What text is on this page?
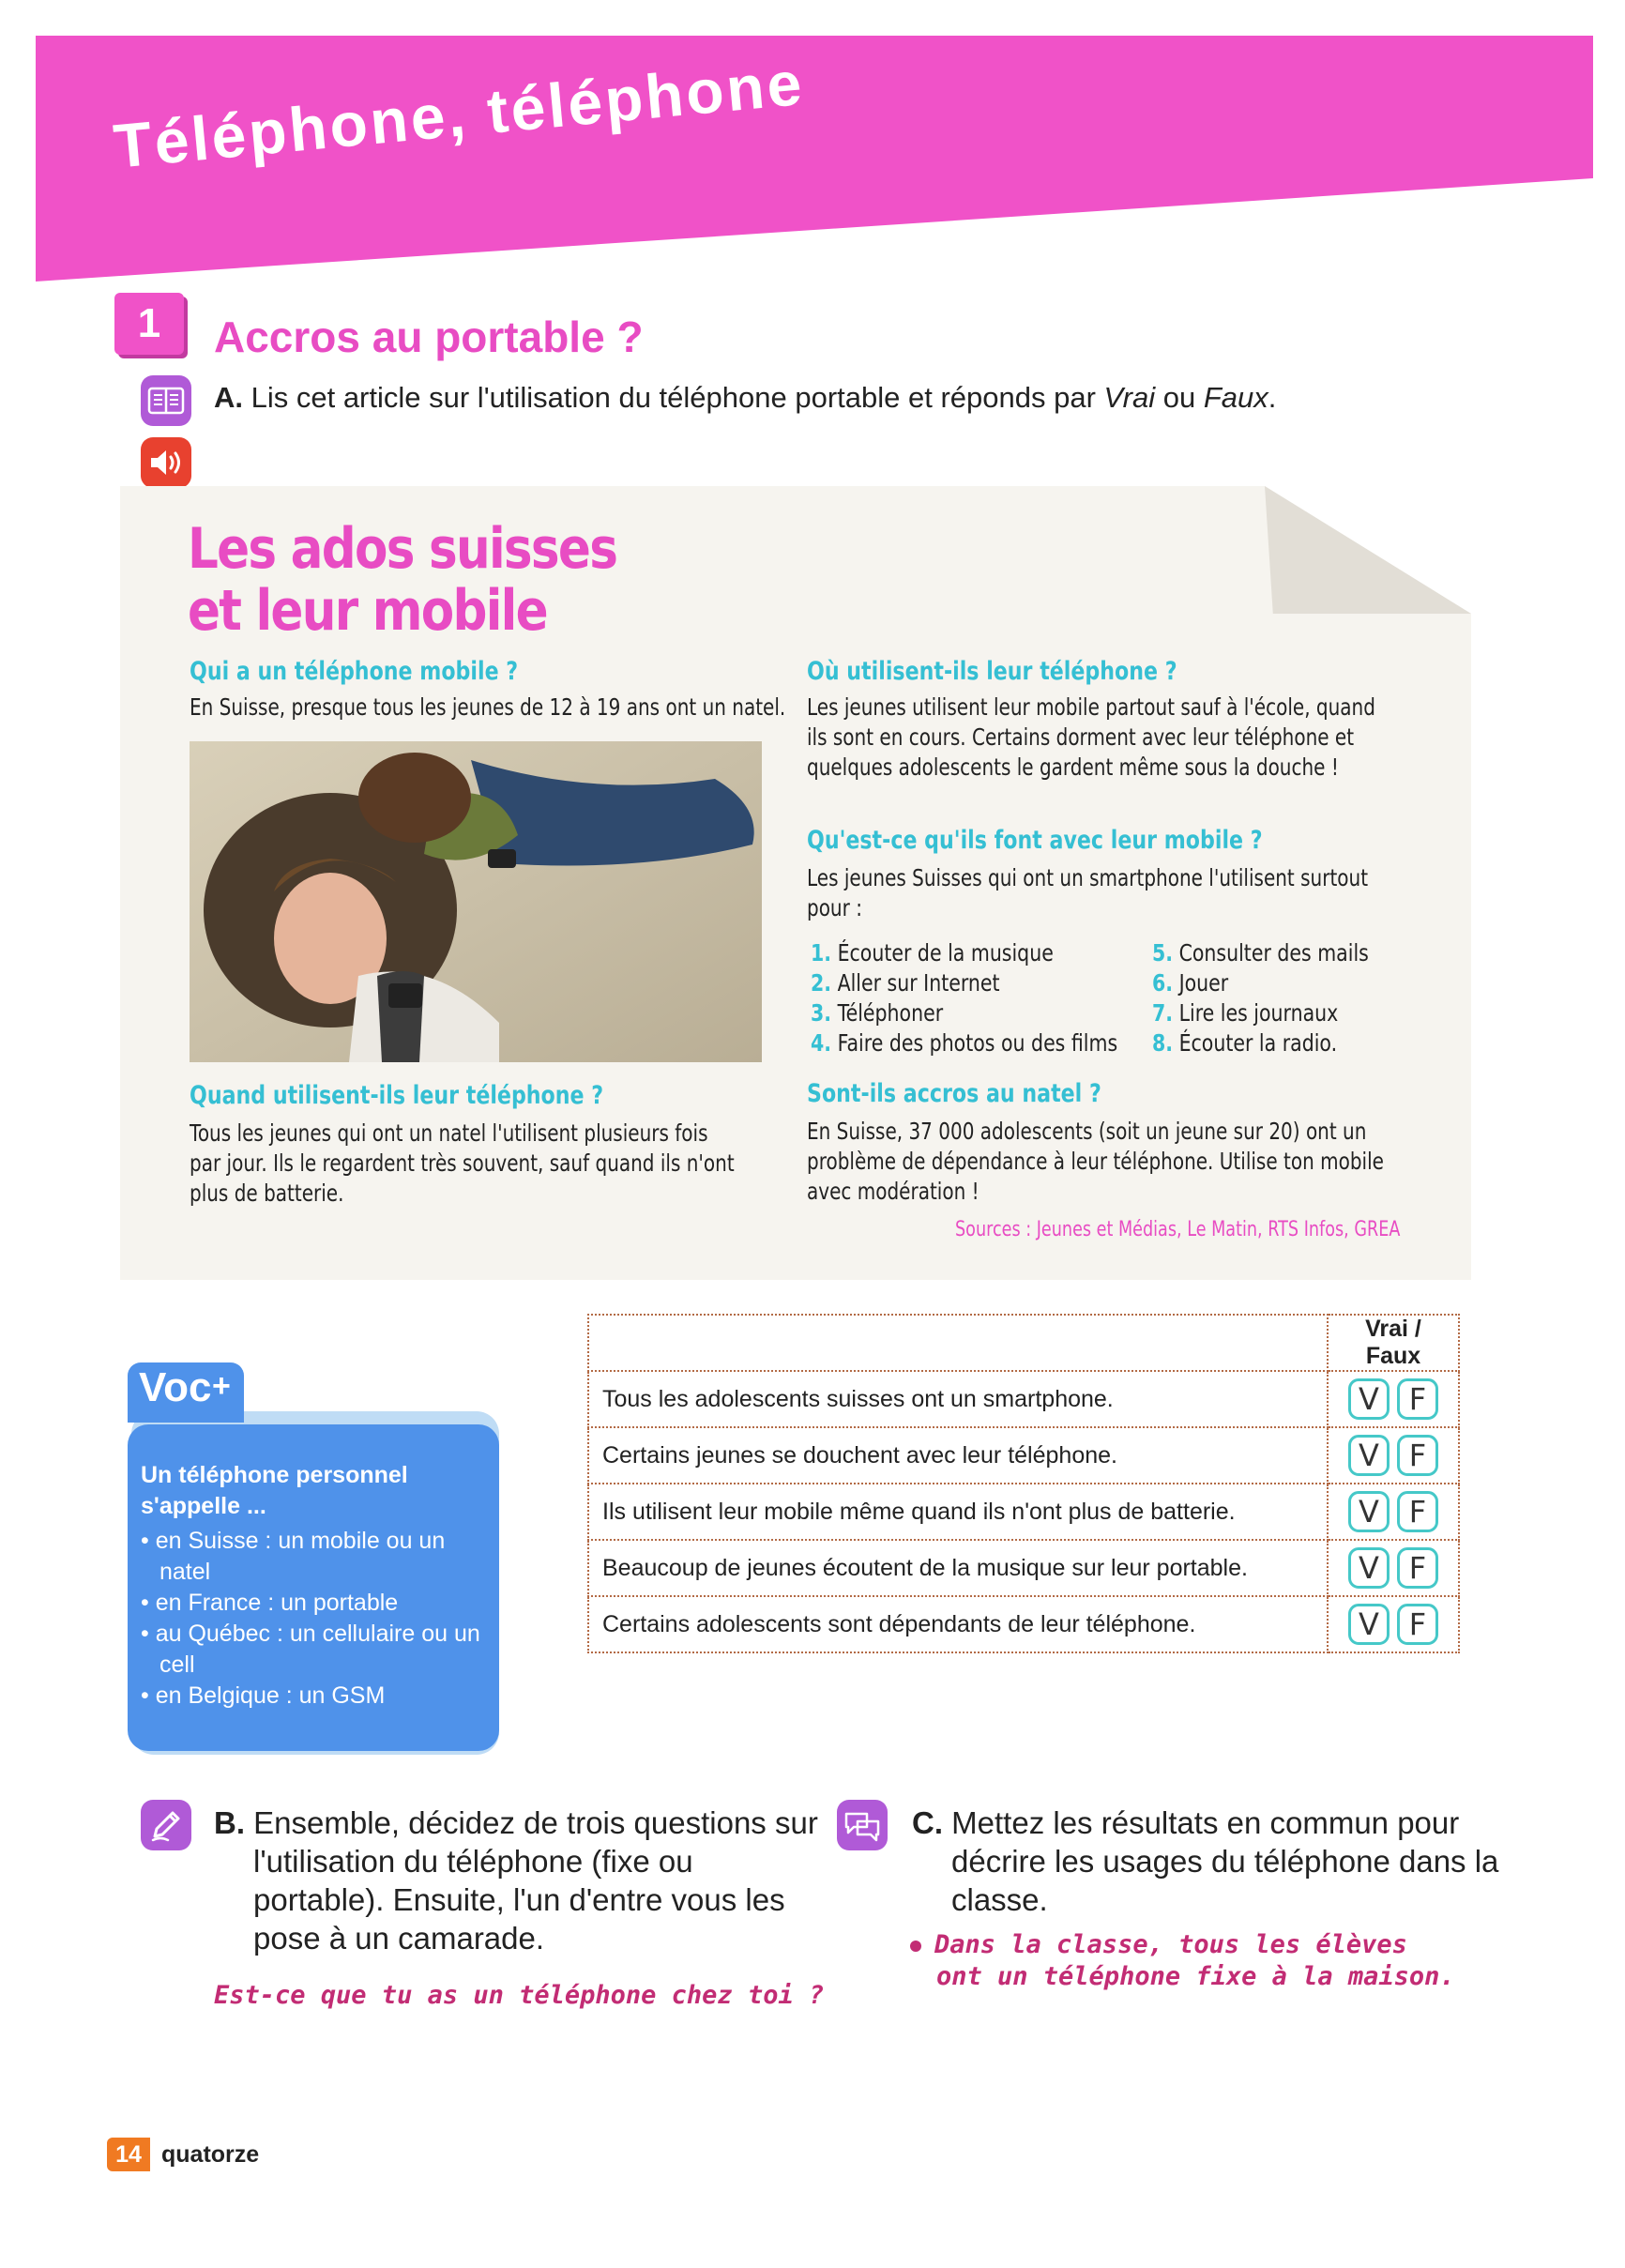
Téléphone, téléphone
1	Accros au portable ?
A. Lis cet article sur l'utilisation du téléphone portable et réponds par Vrai ou Faux.
Les ados suisses
et leur mobile
Qui a un téléphone mobile ?

En Suisse, presque tous les jeunes de 12 à 19 ans ont un natel.

Quand utilisent-ils leur téléphone ?

Tous les jeunes qui ont un natel l'utilisent plusieurs fois par jour. Ils le regardent très souvent, sauf quand ils n'ont plus de batterie.

Où utilisent-ils leur téléphone ?

Les jeunes utilisent leur mobile partout sauf à l'école, quand ils sont en cours. Certains dorment avec leur téléphone et quelques adolescents le gardent même sous la douche !

Qu'est-ce qu'ils font avec leur mobile ?

Les jeunes Suisses qui ont un smartphone l'utilisent surtout pour :

1. Écouter de la musique
2. Aller sur Internet
3. Téléphoner
4. Faire des photos ou des films
5. Consulter des mails
6. Jouer
7. Lire les journaux
8. Écouter la radio.
Sont-ils accros au natel ?

En Suisse, 37 000 adolescents (soit un jeune sur 20) ont un problème de dépendance à leur téléphone. Utilise ton mobile avec modération !

Sources : Jeunes et Médias, Le Matin, RTS Infos, GREA
Voc +

Un téléphone personnel s'appelle ...

• en Suisse : un mobile ou un natel
• en France : un portable
• au Québec : un cellulaire ou un cell
• en Belgique : un GSM
	Vrai / Faux
Tous les adolescents suisses ont un smartphone.	V F

Certains jeunes se douchent avec leur téléphone.	V F

Ils utilisent leur mobile même quand ils n'ont plus de batterie.	V F

Beaucoup de jeunes écoutent de la musique sur leur portable.	V F

Certains adolescents sont dépendants de leur téléphone.	V F

B. Ensemble, décidez de trois questions sur l'utilisation du téléphone (fixe ou portable). Ensuite, l'un d'entre vous les pose à un camarade.

Est-ce que tu as un téléphone chez toi ?

C. Mettez les résultats en commun pour décrire les usages du téléphone dans la classe.

Dans la classe, tous les élèves ont un téléphone fixe à la maison.

14 quatorze
